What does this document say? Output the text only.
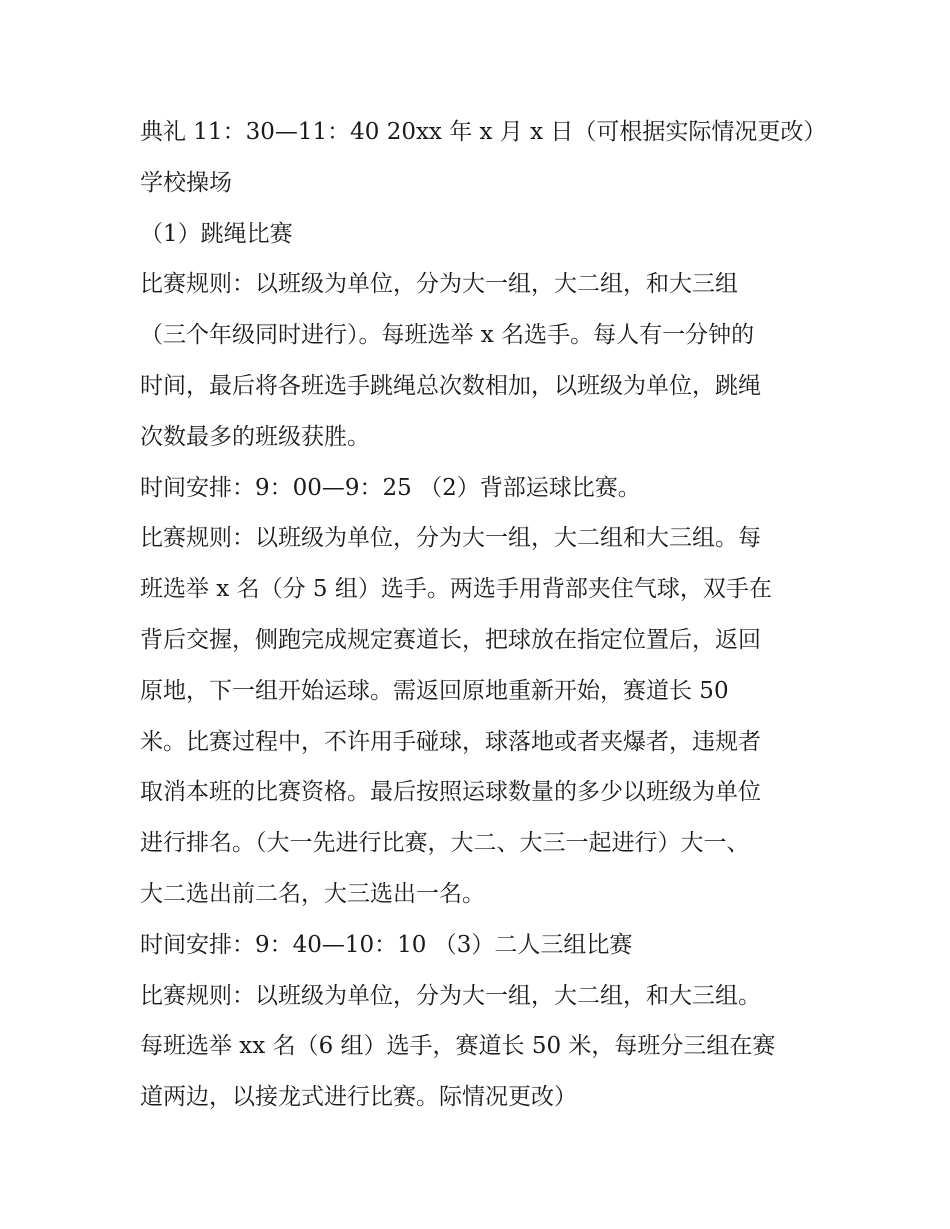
典礼 11：30—11：40 20xx 年 x 月 x 日（可根据实际情况更改）
学校操场
（1）跳绳比赛
比赛规则：以班级为单位，分为大一组，大二组，和大三组
（三个年级同时进行）。每班选举 x 名选手。每人有一分钟的
时间，最后将各班选手跳绳总次数相加，以班级为单位，跳绳
次数最多的班级获胜。
时间安排：9：00—9：25 （2）背部运球比赛。
比赛规则：以班级为单位，分为大一组，大二组和大三组。每
班选举 x 名（分 5 组）选手。两选手用背部夹住气球，双手在
背后交握，侧跑完成规定赛道长，把球放在指定位置后，返回
原地，下一组开始运球。需返回原地重新开始，赛道长 50
米。比赛过程中，不许用手碰球，球落地或者夹爆者，违规者
取消本班的比赛资格。最后按照运球数量的多少以班级为单位
进行排名。（大一先进行比赛，大二、大三一起进行）大一、
大二选出前二名，大三选出一名。
时间安排：9：40—10：10 （3）二人三组比赛
比赛规则：以班级为单位，分为大一组，大二组，和大三组。
每班选举 xx 名（6 组）选手，赛道长 50 米，每班分三组在赛
道两边，以接龙式进行比赛。际情况更改）
